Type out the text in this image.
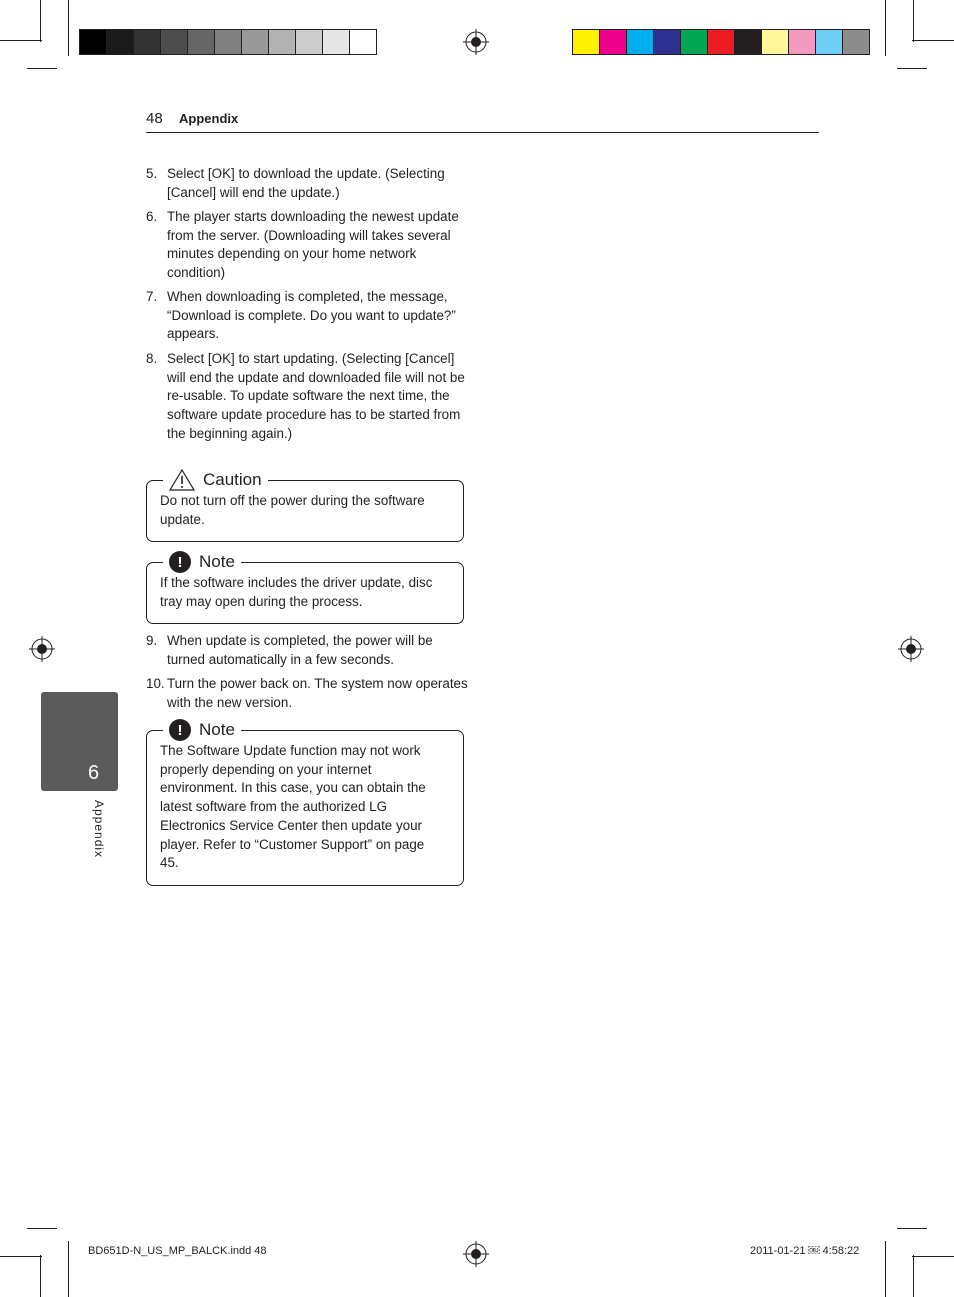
48 Appendix
5. Select [OK] to download the update. (Selecting [Cancel] will end the update.)
6. The player starts downloading the newest update from the server. (Downloading will takes several minutes depending on your home network condition)
7. When downloading is completed, the message, “Download is complete. Do you want to update?” appears.
8. Select [OK] to start updating. (Selecting [Cancel] will end the update and downloaded file will not be re-usable. To update software the next time, the software update procedure has to be started from the beginning again.)
Caution
Do not turn off the power during the software update.
! Note
If the software includes the driver update, disc tray may open during the process.
9. When update is completed, the power will be turned automatically in a few seconds.
10. Turn the power back on. The system now operates with the new version.
! Note
The Software Update function may not work properly depending on your internet environment. In this case, you can obtain the latest software from the authorized LG Electronics Service Center then update your player. Refer to “Customer Support” on page 45.
6
Appendix
BD651D-N_US_MP_BALCK.indd 48	2011-01-21 ￼ 4:58:22
